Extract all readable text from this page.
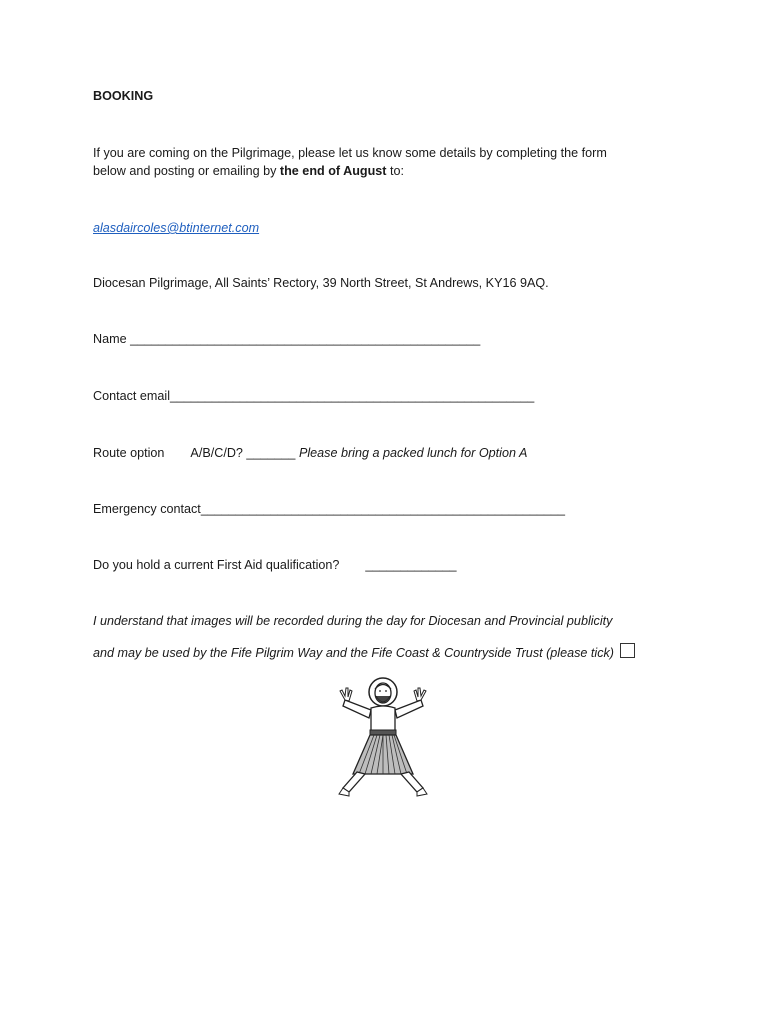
BOOKING
If you are coming on the Pilgrimage, please let us know some details by completing the form
below and posting or emailing by the end of August to:
alasdaircoles@btinternet.com
Diocesan Pilgrimage, All Saints’ Rectory, 39 North Street, St Andrews, KY16 9AQ.
Name __________________________________________________
Contact email____________________________________________________
Route option A/B/C/D? _______ Please bring a packed lunch for Option A
Emergency contact____________________________________________________
Do you hold a current First Aid qualification? _____________
I understand that images will be recorded during the day for Diocesan and Provincial publicity
and may be used by the Fife Pilgrim Way and the Fife Coast & Countryside Trust (please tick)
